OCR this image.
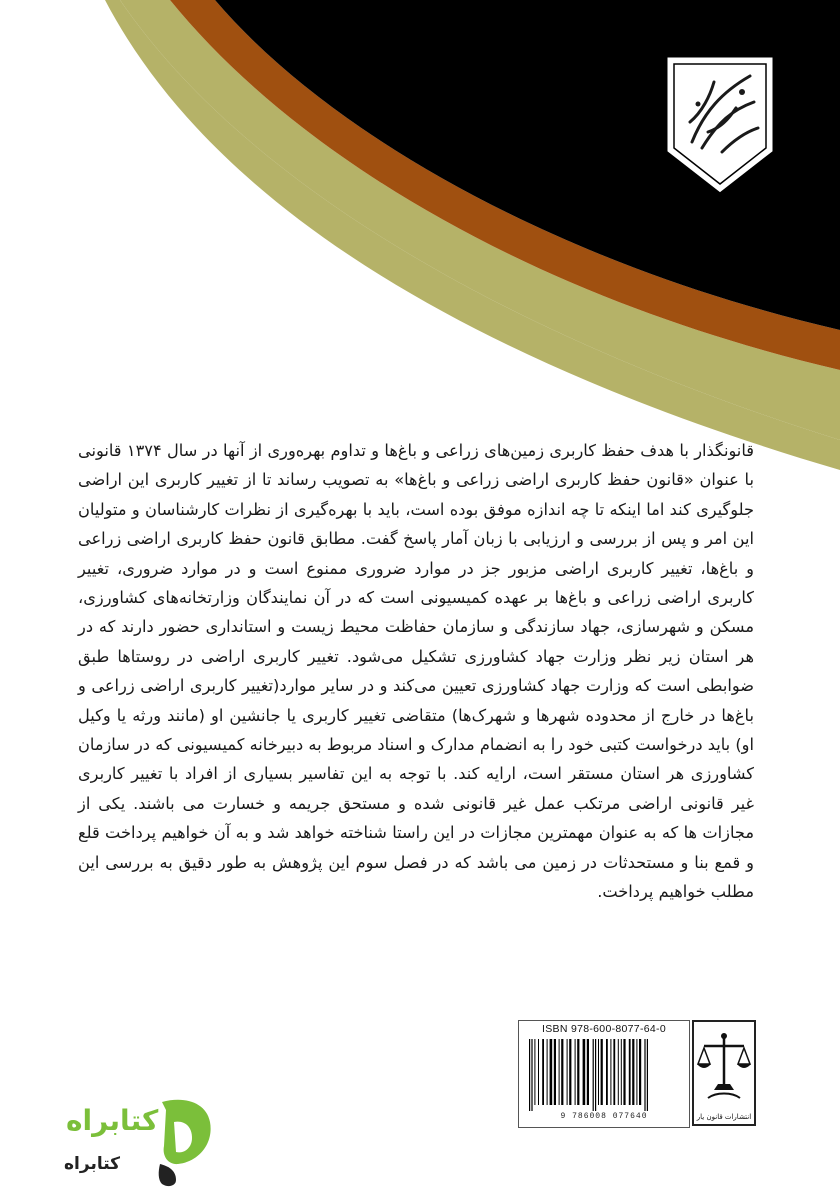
قانونگذار با هدف حفظ کاربری زمین‌های زراعی و باغ‌ها و تداوم بهره‌وری از آنها در سال ۱۳۷۴ قانونی با عنوان «قانون حفظ کاربری اراضی زراعی و باغ‌ها» به تصویب رساند تا از تغییر کاربری این اراضی جلوگیری کند اما اینکه تا چه اندازه موفق بوده است، باید با بهره‌گیری از نظرات کارشناسان و متولیان این امر و پس از بررسی و ارزیابی با زبان آمار پاسخ گفت. مطابق قانون حفظ کاربری اراضی زراعی و باغ‌ها، تغییر کاربری اراضی مزبور جز در موارد ضروری ممنوع است و در موارد ضروری، تغییر کاربری اراضی زراعی و باغ‌ها بر عهده کمیسیونی است که در آن نمایندگان وزارتخانه‌های کشاورزی، مسکن و شهرسازی، جهاد سازندگی و سازمان حفاظت محیط زیست و استانداری حضور دارند که در هر استان زیر نظر وزارت جهاد کشاورزی تشکیل می‌شود. تغییر کاربری اراضی در روستاها طبق ضوابطی است که وزارت جهاد کشاورزی تعیین می‌کند و در سایر موارد(تغییر کاربری اراضی زراعی و باغ‌ها در خارج از محدوده شهرها و شهرک‌ها) متقاضی تغییر کاربری یا جانشین او (مانند ورثه یا وکیل او) باید درخواست کتبی خود را به انضمام مدارک و اسناد مربوط به دبیرخانه کمیسیونی که در سازمان کشاورزی هر استان مستقر است، ارایه کند. با توجه به این تفاسیر بسیاری از افراد با تغییر کاربری غیر قانونی اراضی مرتکب عمل غیر قانونی شده و مستحق جریمه و خسارت می باشند. یکی از مجازات ها که به عنوان مهمترین مجازات در این راستا شناخته خواهد شد و به آن خواهیم پرداخت قلع و قمع بنا و مستحدثات در زمین می باشد که در فصل سوم این پژوهش به طور دقیق به بررسی این مطلب خواهیم پرداخت.

ISBN 978-600-8077-64-0
9 786008 077640	انتشارات قانون یار
کتابراه
کتابراه
